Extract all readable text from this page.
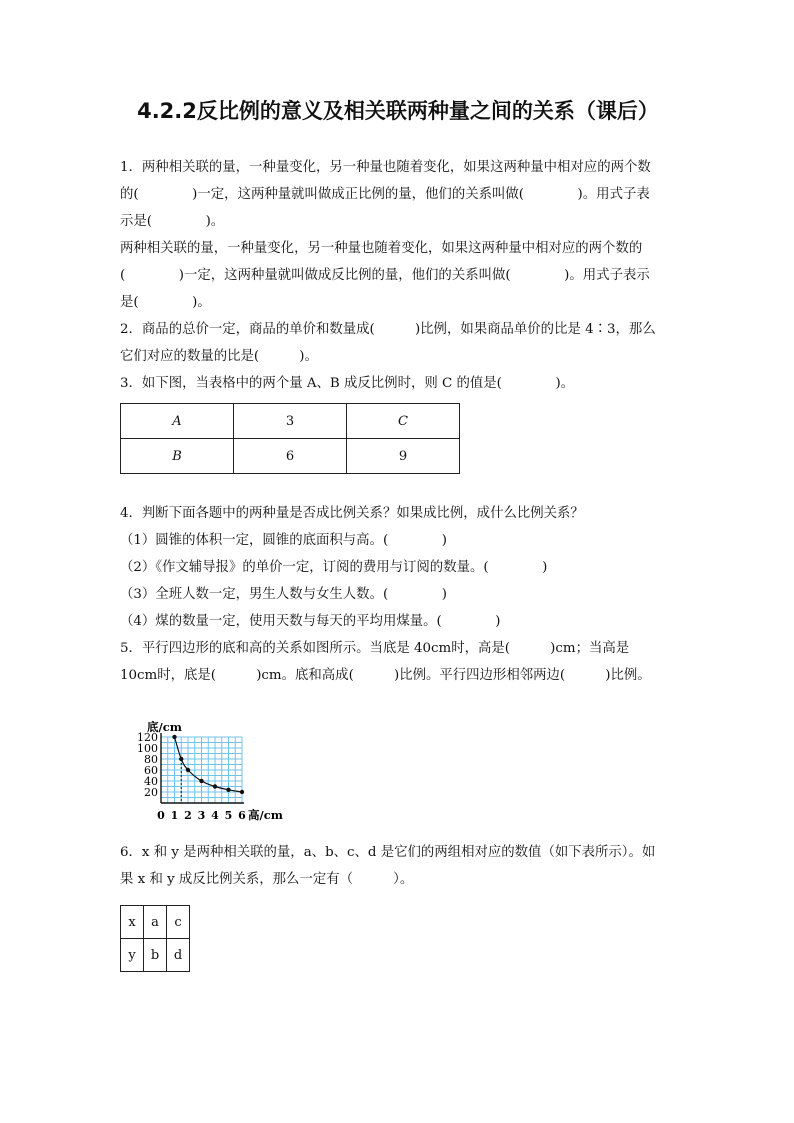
4.2.2反比例的意义及相关联两种量之间的关系（课后）

1．两种相关联的量，一种量变化，另一种量也随着变化，如果这两种量中相对应的两个数

的(　　　　)一定，这两种量就叫做成正比例的量，他们的关系叫做(　　　　)。用式子表

示是(　　　　)。

两种相关联的量，一种量变化，另一种量也随着变化，如果这两种量中相对应的两个数的

(　　　　)一定，这两种量就叫做成反比例的量，他们的关系叫做(　　　　)。用式子表示

是(　　　　)。

2．商品的总价一定，商品的单价和数量成(　　　)比例，如果商品单价的比是 4∶3，那么

它们对应的数量的比是(　　　)。

3．如下图，当表格中的两个量 A、B 成反比例时，则 C 的值是(　　　　)。

A	3	C
B	6	9

4．判断下面各题中的两种量是否成比例关系？如果成比例，成什么比例关系？

（1）圆锥的体积一定，圆锥的底面积与高。(　　　　)

（2）《作文辅导报》的单价一定，订阅的费用与订阅的数量。(　　　　)

（3）全班人数一定，男生人数与女生人数。(　　　　)

（4）煤的数量一定，使用天数与每天的平均用煤量。(　　　　)

5．平行四边形的底和高的关系如图所示。当底是 40cm时，高是(　　　)cm；当高是

10cm时，底是(　　　)cm。底和高成(　　　)比例。平行四边形相邻两边(　　　)比例。

20
40
60
80
100
120
0 1 2 3 4 5 6
底/cm
高/cm

6．x 和 y 是两种相关联的量，a、b、c、d 是它们的两组相对应的数值（如下表所示）。如

果 x 和 y 成反比例关系，那么一定有（　　　）。

x	a	c
y	b	d
